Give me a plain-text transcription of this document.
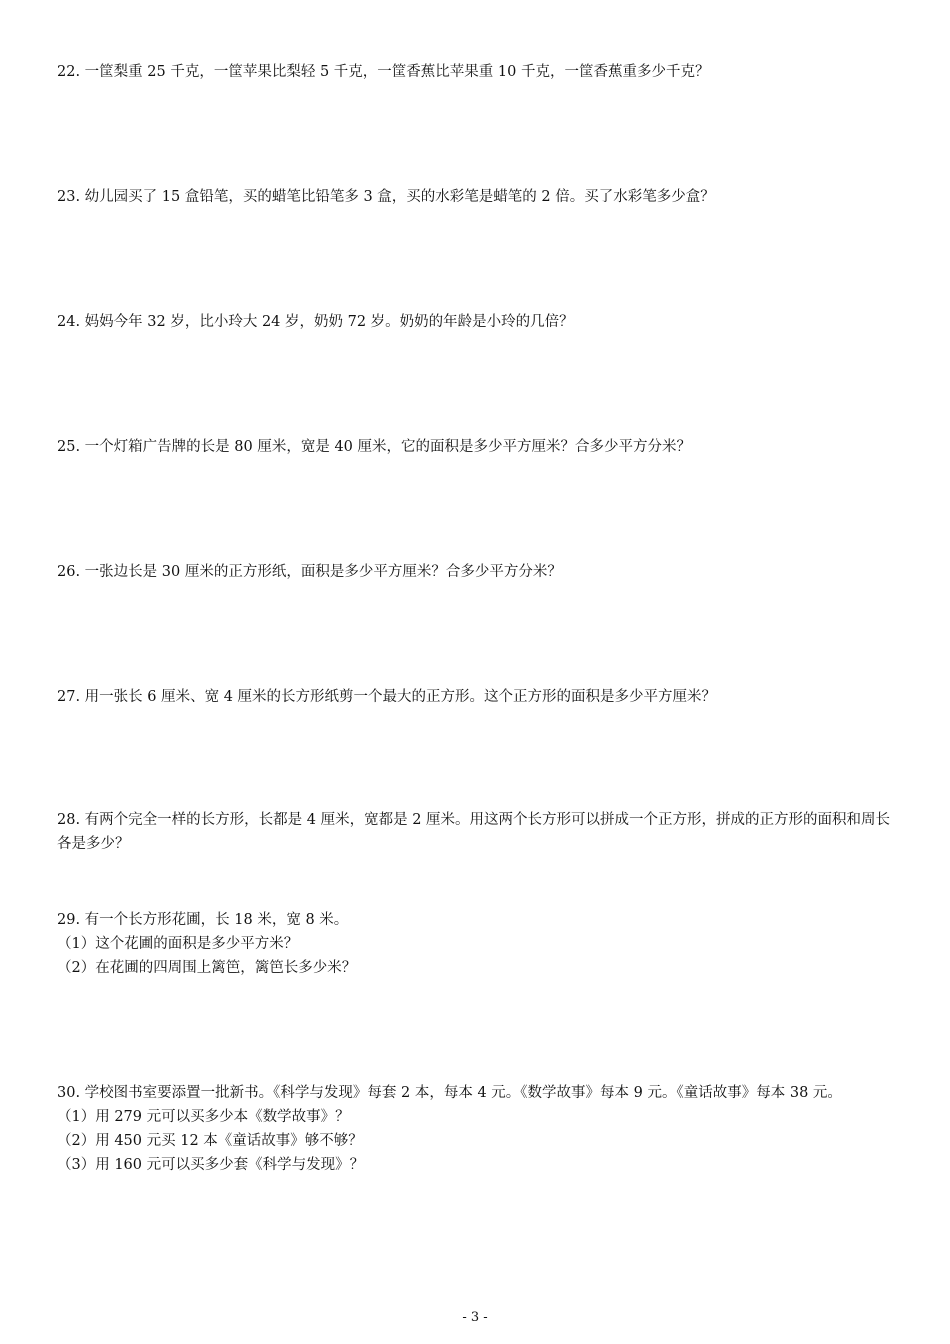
22. 一筐梨重 25 千克，一筐苹果比梨轻 5 千克，一筐香蕉比苹果重 10 千克，一筐香蕉重多少千克？

23. 幼儿园买了 15 盒铅笔，买的蜡笔比铅笔多 3 盒，买的水彩笔是蜡笔的 2 倍。买了水彩笔多少盒？

24. 妈妈今年 32 岁，比小玲大 24 岁，奶奶 72 岁。奶奶的年龄是小玲的几倍？

25. 一个灯箱广告牌的长是 80 厘米，宽是 40 厘米，它的面积是多少平方厘米？合多少平方分米？

26. 一张边长是 30 厘米的正方形纸，面积是多少平方厘米？合多少平方分米？

27. 用一张长 6 厘米、宽 4 厘米的长方形纸剪一个最大的正方形。这个正方形的面积是多少平方厘米？

28. 有两个完全一样的长方形，长都是 4 厘米，宽都是 2 厘米。用这两个长方形可以拼成一个正方形，拼成的正方形的面积和周长各是多少？

29. 有一个长方形花圃，长 18 米，宽 8 米。
（1）这个花圃的面积是多少平方米？
（2）在花圃的四周围上篱笆，篱笆长多少米？

30. 学校图书室要添置一批新书。《科学与发现》每套 2 本，每本 4 元。《数学故事》每本 9 元。《童话故事》每本 38 元。
（1）用 279 元可以买多少本《数学故事》？
（2）用 450 元买 12 本《童话故事》够不够？
（3）用 160 元可以买多少套《科学与发现》？

- 3 -
